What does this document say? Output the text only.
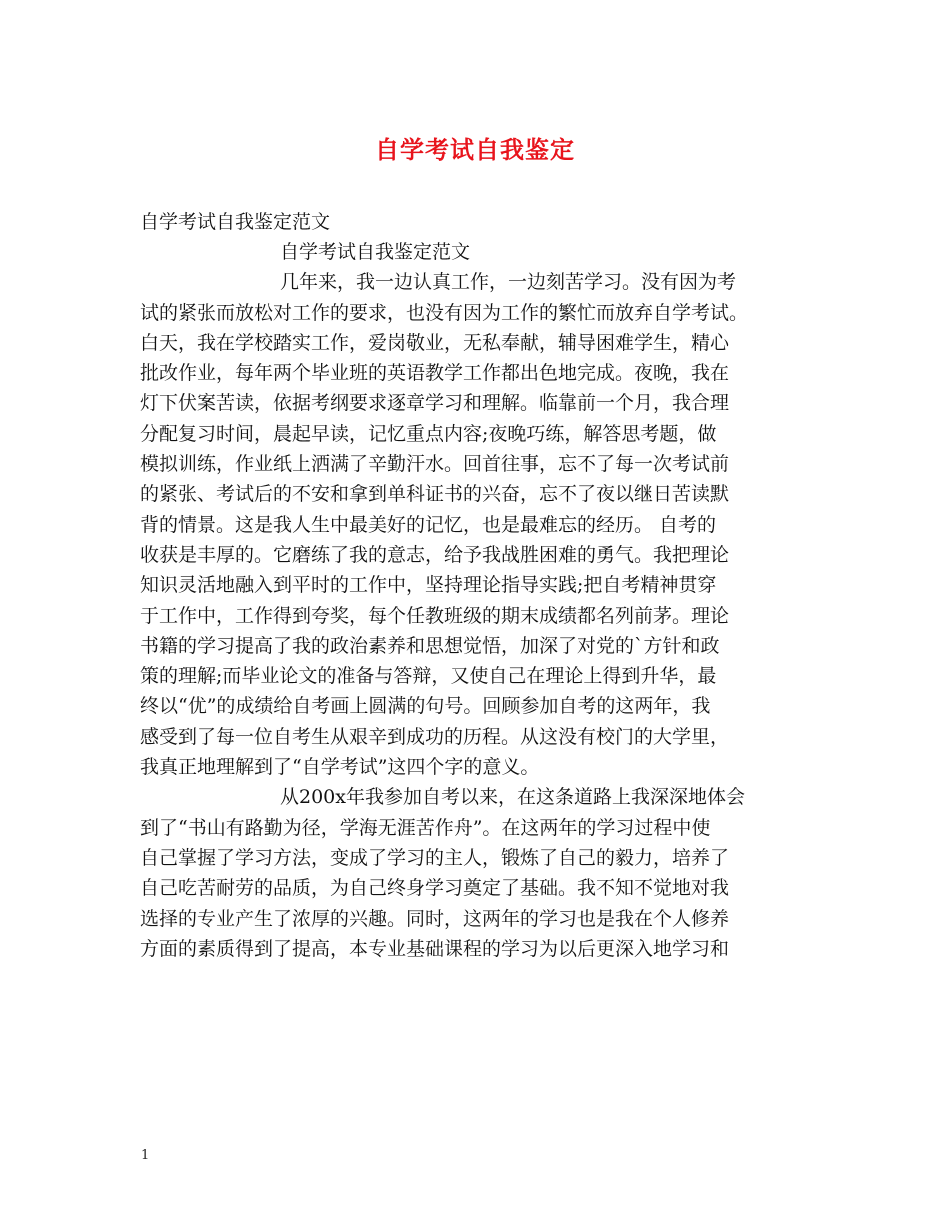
自学考试自我鉴定
自学考试自我鉴定范文
自学考试自我鉴定范文
几年来，我一边认真工作，一边刻苦学习。没有因为考
试的紧张而放松对工作的要求，也没有因为工作的繁忙而放弃自学考试。
白天，我在学校踏实工作，爱岗敬业，无私奉献，辅导困难学生，精心
批改作业，每年两个毕业班的英语教学工作都出色地完成。夜晚，我在
灯下伏案苦读，依据考纲要求逐章学习和理解。临靠前一个月，我合理
分配复习时间，晨起早读，记忆重点内容;夜晚巧练，解答思考题，做
模拟训练，作业纸上洒满了辛勤汗水。回首往事，忘不了每一次考试前
的紧张、考试后的不安和拿到单科证书的兴奋，忘不了夜以继日苦读默
背的情景。这是我人生中最美好的记忆，也是最难忘的经历。 自考的
收获是丰厚的。它磨练了我的意志，给予我战胜困难的勇气。我把理论
知识灵活地融入到平时的工作中，坚持理论指导实践;把自考精神贯穿
于工作中，工作得到夸奖，每个任教班级的期末成绩都名列前茅。理论
书籍的学习提高了我的政治素养和思想觉悟，加深了对党的`方针和政
策的理解;而毕业论文的准备与答辩，又使自己在理论上得到升华，最
终以“优”的成绩给自考画上圆满的句号。回顾参加自考的这两年，我
感受到了每一位自考生从艰辛到成功的历程。从这没有校门的大学里，
我真正地理解到了“自学考试”这四个字的意义。
从200x年我参加自考以来，在这条道路上我深深地体会
到了“书山有路勤为径，学海无涯苦作舟”。在这两年的学习过程中使
自己掌握了学习方法，变成了学习的主人，锻炼了自己的毅力，培养了
自己吃苦耐劳的品质，为自己终身学习奠定了基础。我不知不觉地对我
选择的专业产生了浓厚的兴趣。同时，这两年的学习也是我在个人修养
方面的素质得到了提高，本专业基础课程的学习为以后更深入地学习和
1
